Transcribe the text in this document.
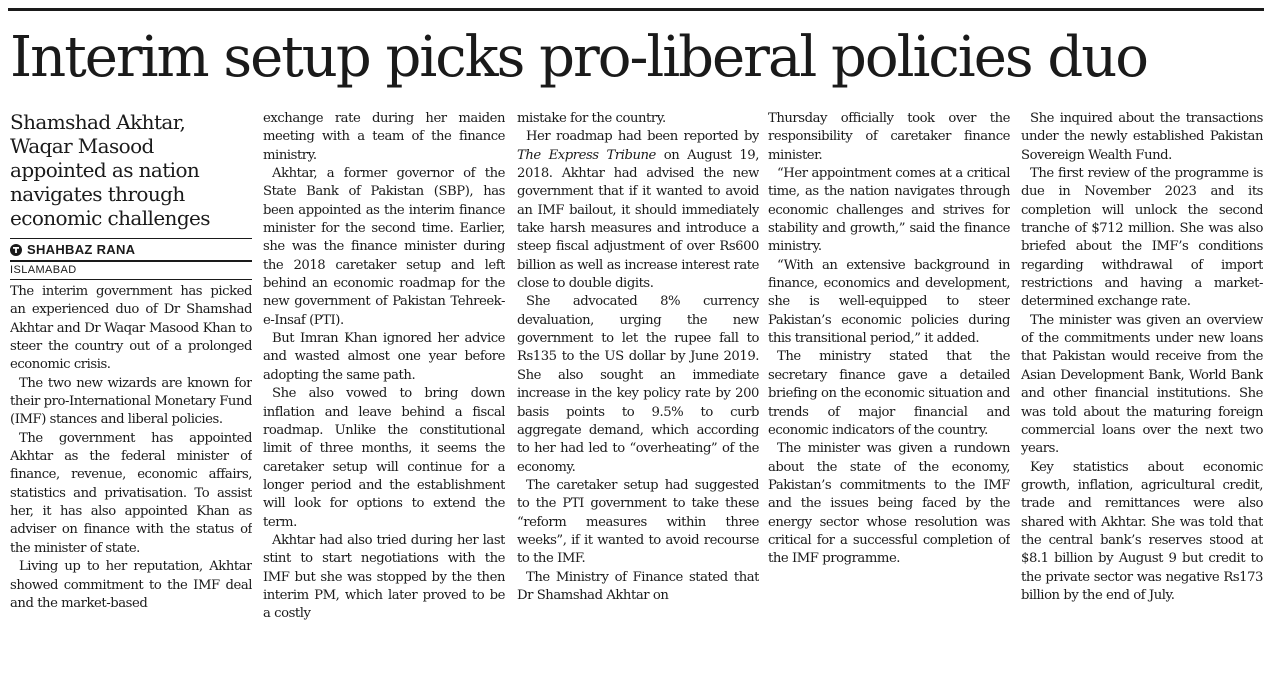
Interim setup picks pro-liberal policies duo
Shamshad Akhtar, Waqar Masood appointed as nation navigates through economic challenges
SHAHBAZ RANA
ISLAMABAD

The interim government has picked an experienced duo of Dr Shamshad Akhtar and Dr Waqar Masood Khan to steer the country out of a prolonged economic crisis.

The two new wizards are known for their pro-International Monetary Fund (IMF) stances and liberal policies.

The government has appointed Akhtar as the federal minister of finance, revenue, economic affairs, statistics and privatisation. To assist her, it has also appointed Khan as adviser on finance with the status of the minister of state.

Living up to her reputation, Akhtar showed commitment to the IMF deal and the market-based

exchange rate during her maiden meeting with a team of the finance ministry.

Akhtar, a former governor of the State Bank of Pakistan (SBP), has been appointed as the interim finance minister for the second time. Earlier, she was the finance minister during the 2018 caretaker setup and left behind an economic roadmap for the new government of Pakistan Tehreek-e-Insaf (PTI).

But Imran Khan ignored her advice and wasted almost one year before adopting the same path.

She also vowed to bring down inflation and leave behind a fiscal roadmap. Unlike the constitutional limit of three months, it seems the caretaker setup will continue for a longer period and the establishment will look for options to extend the term.

Akhtar had also tried during her last stint to start negotiations with the IMF but she was stopped by the then interim PM, which later proved to be a costly

mistake for the country.

Her roadmap had been reported by The Express Tribune on August 19, 2018. Akhtar had advised the new government that if it wanted to avoid an IMF bailout, it should immediately take harsh measures and introduce a steep fiscal adjustment of over Rs600 billion as well as increase interest rate close to double digits.

She advocated 8% currency devaluation, urging the new government to let the rupee fall to Rs135 to the US dollar by June 2019. She also sought an immediate increase in the key policy rate by 200 basis points to 9.5% to curb aggregate demand, which according to her had led to “overheating” of the economy.

The caretaker setup had suggested to the PTI government to take these “reform measures within three weeks”, if it wanted to avoid recourse to the IMF.

The Ministry of Finance stated that Dr Shamshad Akhtar on

Thursday officially took over the responsibility of caretaker finance minister.

“Her appointment comes at a critical time, as the nation navigates through economic challenges and strives for stability and growth,” said the finance ministry.

“With an extensive background in finance, economics and development, she is well-equipped to steer Pakistan’s economic policies during this transitional period,” it added.

The ministry stated that the secretary finance gave a detailed briefing on the economic situation and trends of major financial and economic indicators of the country.

The minister was given a rundown about the state of the economy, Pakistan’s commitments to the IMF and the issues being faced by the energy sector whose resolution was critical for a successful completion of the IMF programme.

She inquired about the transactions under the newly established Pakistan Sovereign Wealth Fund.

The first review of the programme is due in November 2023 and its completion will unlock the second tranche of $712 million. She was also briefed about the IMF’s conditions regarding withdrawal of import restrictions and having a market-determined exchange rate.

The minister was given an overview of the commitments under new loans that Pakistan would receive from the Asian Development Bank, World Bank and other financial institutions. She was told about the maturing foreign commercial loans over the next two years.

Key statistics about economic growth, inflation, agricultural credit, trade and remittances were also shared with Akhtar. She was told that the central bank’s reserves stood at $8.1 billion by August 9 but credit to the private sector was negative Rs173 billion by the end of July.
